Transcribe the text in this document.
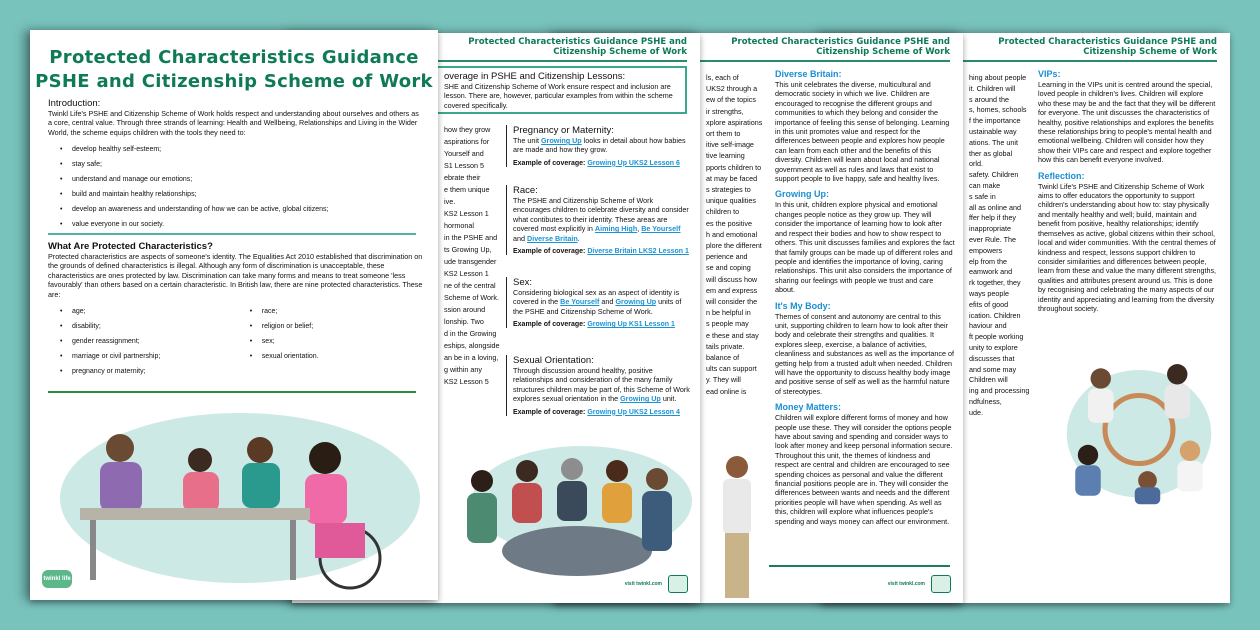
Protected Characteristics Guidance PSHE and Citizenship Scheme of Work
hing about people
it. Children will
s around the
s, homes, schools
f the importance
ustainable way
ations. The unit
ther as global
orld.
safety. Children
can make
s safe in
all as online and
ffer help if they
inappropriate
ever Rule. The
empowers
elp from the
eamwork and
rk together, they
ways people
efits of good
ication. Children
haviour and
ft people working
unity to explore
discusses that
and some may
Children will
ing and processing
ndfulness,
ude.
VIPs:
Learning in the VIPs unit is centred around the special, loved people in children's lives. Children will explore who these may be and the fact that they will be different for everyone. The unit discusses the characteristics of healthy, positive relationships and explores the benefits these relationships bring to people's mental health and emotional wellbeing. Children will consider how they show their VIPs care and respect and explore together how this can benefit everyone involved.
Reflection:
Twinkl Life's PSHE and Citizenship Scheme of Work aims to offer educators the opportunity to support children's understanding about how to: stay physically and mentally healthy and well; build, maintain and benefit from positive, healthy relationships; identify themselves as active, global citizens within their school, local and wider communities. With the central themes of kindness and respect, lessons support children to consider similarities and differences between people, learn from these and value the many different strengths, qualities and attributes present around us. This is done by recognising and celebrating the many aspects of our identity and appreciating and learning from the diversity throughout society.
Protected Characteristics Guidance PSHE and Citizenship Scheme of Work
ls, each of
UKS2 through a
ew of the topics
ir strengths,
xplore aspirations
ort them to
itive self-image
tive learning
pports children to
at may be faced
s strategies to
unique qualities
children to
es the positive
h and emotional
plore the different
perience and
se and coping
will discuss how
em and express
will consider the
n be helpful in
s people may
e these and stay
tails private.
balance of
ults can support
y. They will
ead online is
Diverse Britain:
This unit celebrates the diverse, multicultural and democratic society in which we live. Children are encouraged to recognise the different groups and communities to which they belong and consider the importance of feeling this sense of belonging. Learning in this unit promotes value and respect for the differences between people and explores how people can learn from each other and the benefits of this diversity. Children will learn about local and national government as well as rules and laws that exist to support people to live happy, safe and healthy lives.
Growing Up:
In this unit, children explore physical and emotional changes people notice as they grow up. They will consider the importance of learning how to look after and respect their bodies and how to show respect to others. This unit discusses families and explores the fact that family groups can be made up of different roles and people and identifies the importance of loving, caring relationships. This unit also considers the importance of sharing our feelings with people we trust and care about.
It's My Body:
Themes of consent and autonomy are central to this unit, supporting children to learn how to look after their body and celebrate their strengths and qualities. It explores sleep, exercise, a balance of activities, cleanliness and substances as well as the importance of getting help from a trusted adult when needed. Children will have the opportunity to discuss healthy body image and positive sense of self as well as the harmful nature of stereotypes.
Money Matters:
Children will explore different forms of money and how people use these. They will consider the options people have about saving and spending and consider ways to look after money and keep personal information secure. Throughout this unit, the themes of kindness and respect are central and children are encouraged to see spending choices as personal and value the different financial positions people are in. They will consider the differences between wants and needs and the different priorities people will have when spending. As well as this, children will explore what influences people's spending and ways money can affect our environment.
visit twinkl.com
Protected Characteristics Guidance PSHE and Citizenship Scheme of Work
overage in PSHE and Citizenship Lessons:
SHE and Citizenship Scheme of Work ensure respect and inclusion are lesson. There are, however, particular examples from within the scheme covered specifically.
how they grow
aspirations for
Yourself and
S1 Lesson 5
ebrate their
e them unique
ive.
KS2 Lesson 1
hormonal
in the PSHE and
ts Growing Up,
ude transgender
KS2 Lesson 1
ne of the central
Scheme of Work.
ssion around
lonship. Two
d in the Growing
eships, alongside
an be in a loving,
g within any
KS2 Lesson 5
Pregnancy or Maternity:
The unit Growing Up looks in detail about how babies are made and how they grow.
Example of coverage: Growing Up UKS2 Lesson 6
Race:
The PSHE and Citizenship Scheme of Work encourages children to celebrate diversity and consider what contibutes to their identity. These areas are covered most explicitly in Aiming High, Be Yourself and Diverse Britain.
Example of coverage: Diverse Britain LKS2 Lesson 1
Sex:
Considering biological sex as an aspect of identity is covered in the Be Yourself and Growing Up units of the PSHE and Citizenship Scheme of Work.
Example of coverage: Growing Up KS1 Lesson 1
Sexual Orientation:
Through discussion around healthy, positive relationships and consideration of the many family structures children may be part of, this Scheme of Work explores sexual orientation in the Growing Up unit.
Example of coverage: Growing Up UKS2 Lesson 4
visit twinkl.com
Protected Characteristics Guidance
PSHE and Citizenship Scheme of Work
Introduction:
Twinkl Life's PSHE and Citizenship Scheme of Work holds respect and understanding about ourselves and others as a core, central value. Through three strands of learning: Health and Wellbeing, Relationships and Living in the Wider World, the scheme equips children with the tools they need to:
• develop healthy self-esteem;
• stay safe;
• understand and manage our emotions;
• build and maintain healthy relationships;
• develop an awareness and understanding of how we can be active, global citizens;
• value everyone in our society.
What Are Protected Characteristics?
Protected characteristics are aspects of someone's identity. The Equalities Act 2010 established that discrimination on the grounds of defined characteristics is illegal. Although any form of discrimination is unacceptable, these characteristics are ones protected by law. Discrimination can take many forms and means to treat someone 'less favourably' than others based on a certain characteristic. In British law, there are nine protected characteristics. These are:
• age;
• disability;
• gender reassignment;
• marriage or civil partnership;
• pregnancy or maternity;
• race;
• religion or belief;
• sex;
• sexual orientation.
twinkl life
